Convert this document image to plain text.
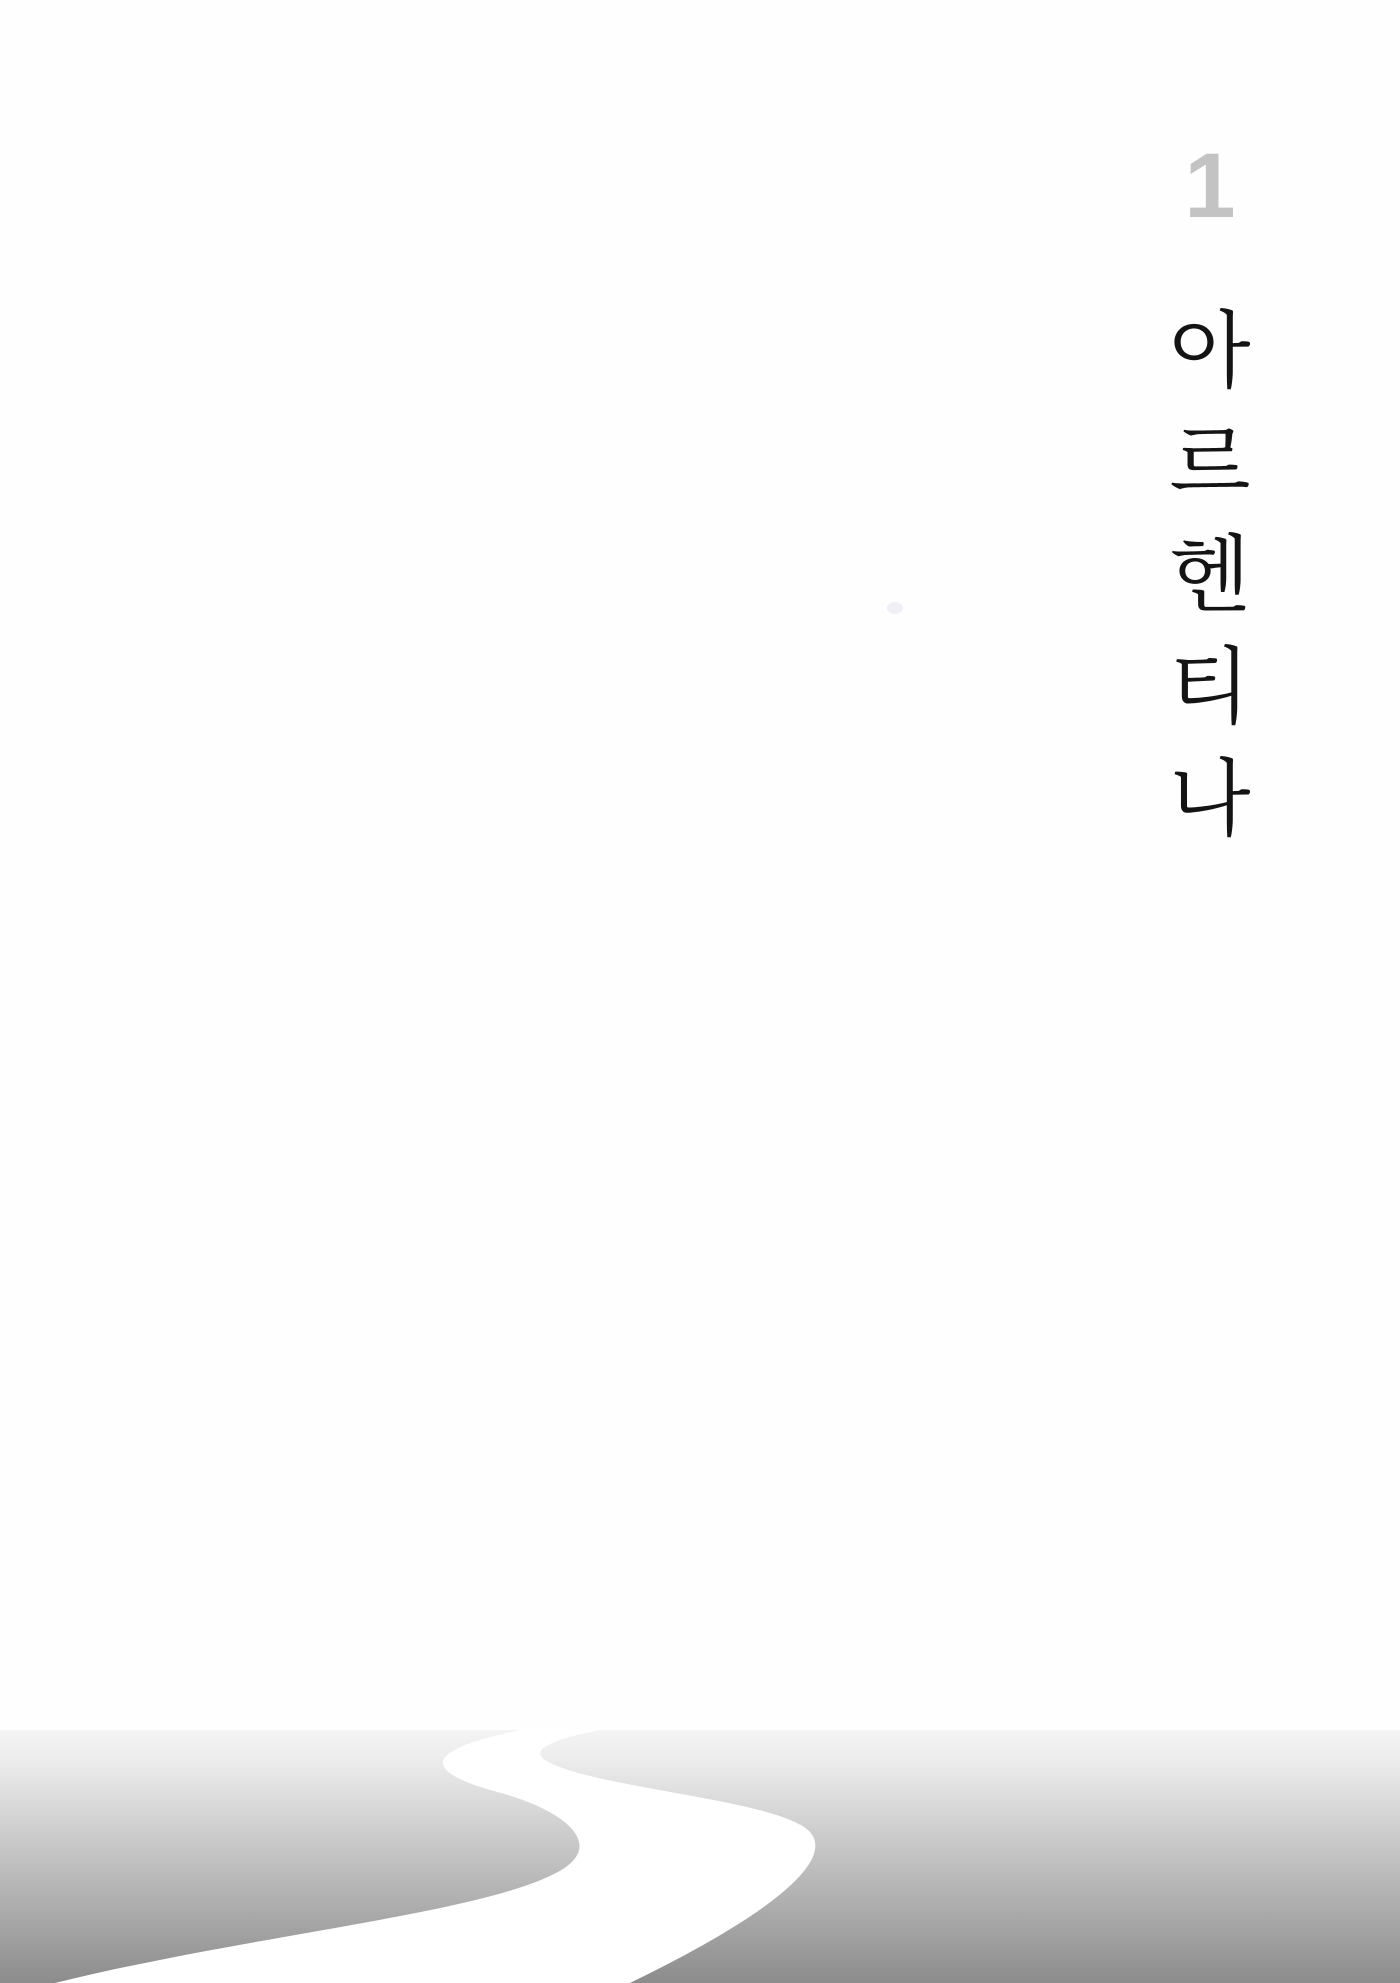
1
아르헨티나
